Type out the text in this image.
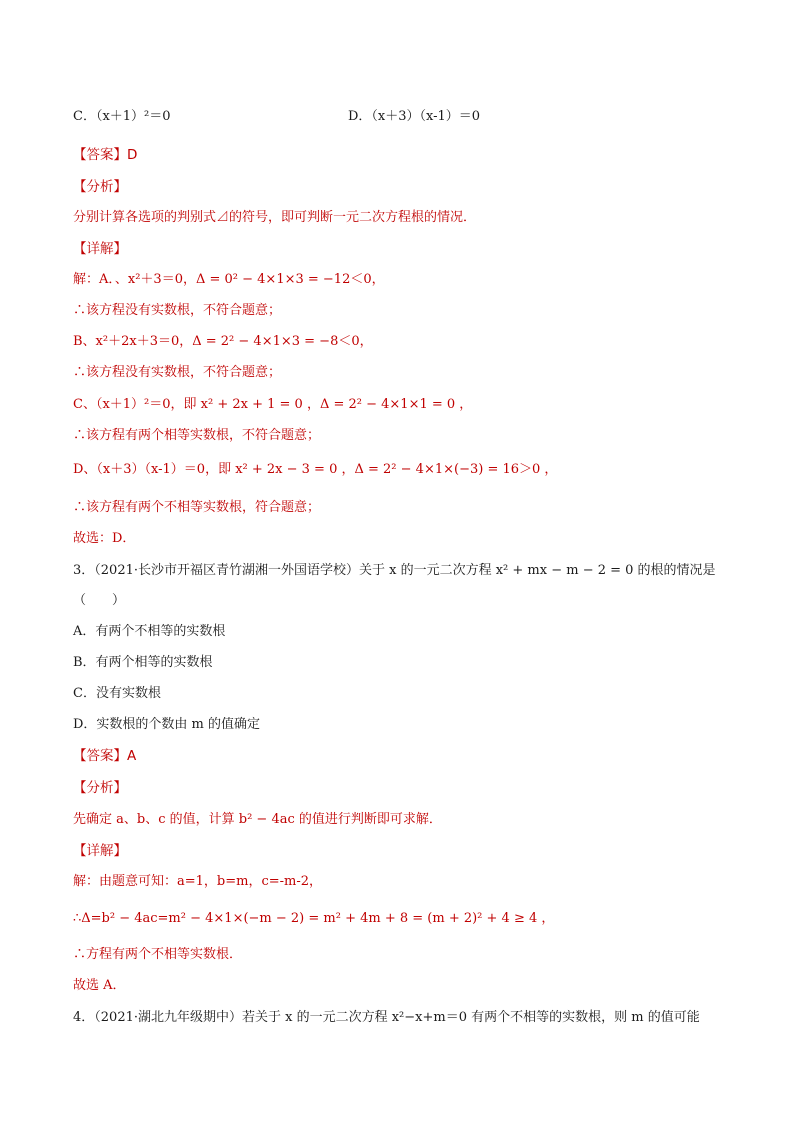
C．（x＋1）²＝0	D．（x＋3）（x-1）＝0
【答案】D
【分析】
分别计算各选项的判别式⊿的符号，即可判断一元二次方程根的情况．
【详解】
解：A．、x²＋3＝0，Δ = 0² − 4×1×3 = −12＜0，
∴该方程没有实数根，不符合题意；
B、x²＋2x＋3＝0，Δ = 2² − 4×1×3 = −8＜0，
∴该方程没有实数根，不符合题意；
C、（x＋1）²＝0，即 x² + 2x + 1 = 0 ，Δ = 2² − 4×1×1 = 0 ，
∴该方程有两个相等实数根，不符合题意；
D、（x＋3）（x-1）＝0，即 x² + 2x − 3 = 0 ，Δ = 2² − 4×1×(−3) = 16＞0 ，
∴该方程有两个不相等实数根，符合题意；
故选：D．
3．（2021·长沙市开福区青竹湖湘一外国语学校）关于 x 的一元二次方程 x² + mx − m − 2 = 0 的根的情况是
（　　）
A．有两个不相等的实数根
B．有两个相等的实数根
C．没有实数根
D．实数根的个数由 m 的值确定
【答案】A
【分析】
先确定 a、b、c 的值，计算 b² − 4ac 的值进行判断即可求解．
【详解】
解：由题意可知：a=1，b=m，c=-m-2，
∴Δ=b² − 4ac=m² − 4×1×(−m − 2) = m² + 4m + 8 = (m + 2)² + 4 ≥ 4 ，
∴方程有两个不相等实数根．
故选 A．
4．（2021·湖北九年级期中）若关于 x 的一元二次方程 x²−x+m＝0 有两个不相等的实数根，则 m 的值可能
